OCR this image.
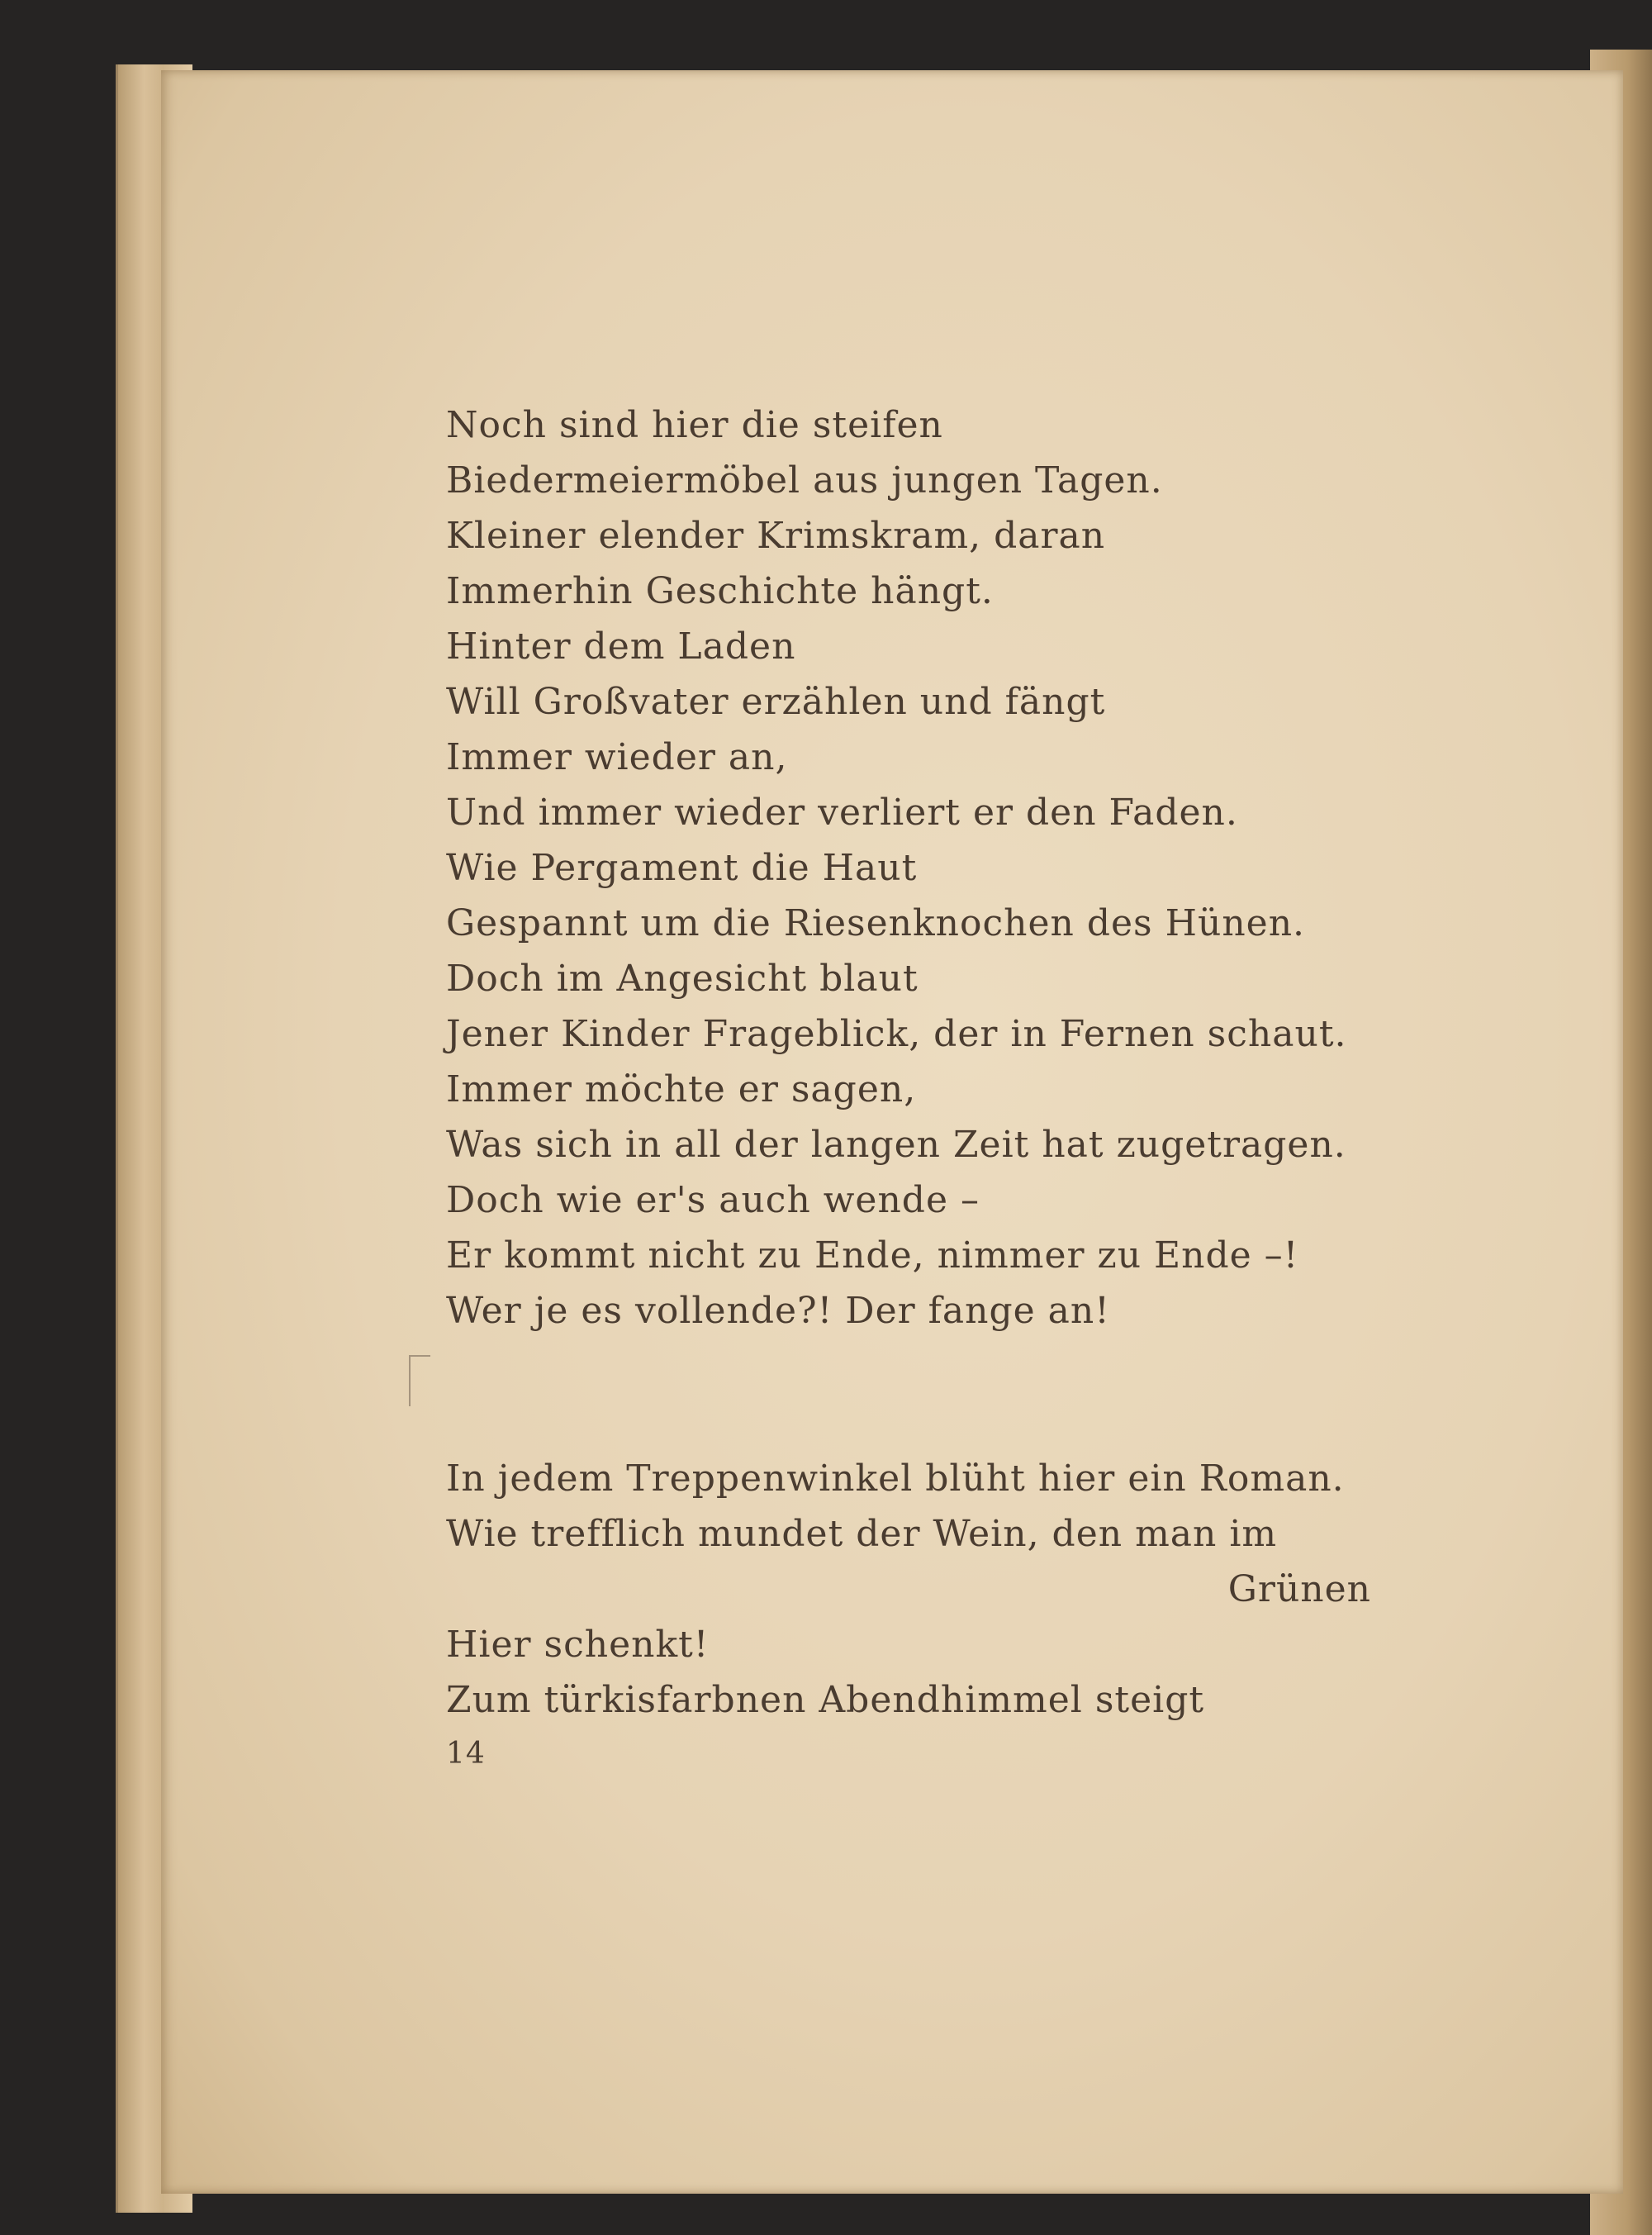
Noch sind hier die steifen
Biedermeiermöbel aus jungen Tagen.
Kleiner elender Krimskram, daran
Immerhin Geschichte hängt.
Hinter dem Laden
Will Großvater erzählen und fängt
Immer wieder an,
Und immer wieder verliert er den Faden.
Wie Pergament die Haut
Gespannt um die Riesenknochen des Hünen.
Doch im Angesicht blaut
Jener Kinder Frageblick, der in Fernen schaut.
Immer möchte er sagen,
Was sich in all der langen Zeit hat zugetragen.
Doch wie er's auch wende –
Er kommt nicht zu Ende, nimmer zu Ende –!
Wer je es vollende?! Der fange an!
In jedem Treppenwinkel blüht hier ein Roman.
Wie trefflich mundet der Wein, den man im
Grünen
Hier schenkt!
Zum türkisfarbnen Abendhimmel steigt
14
